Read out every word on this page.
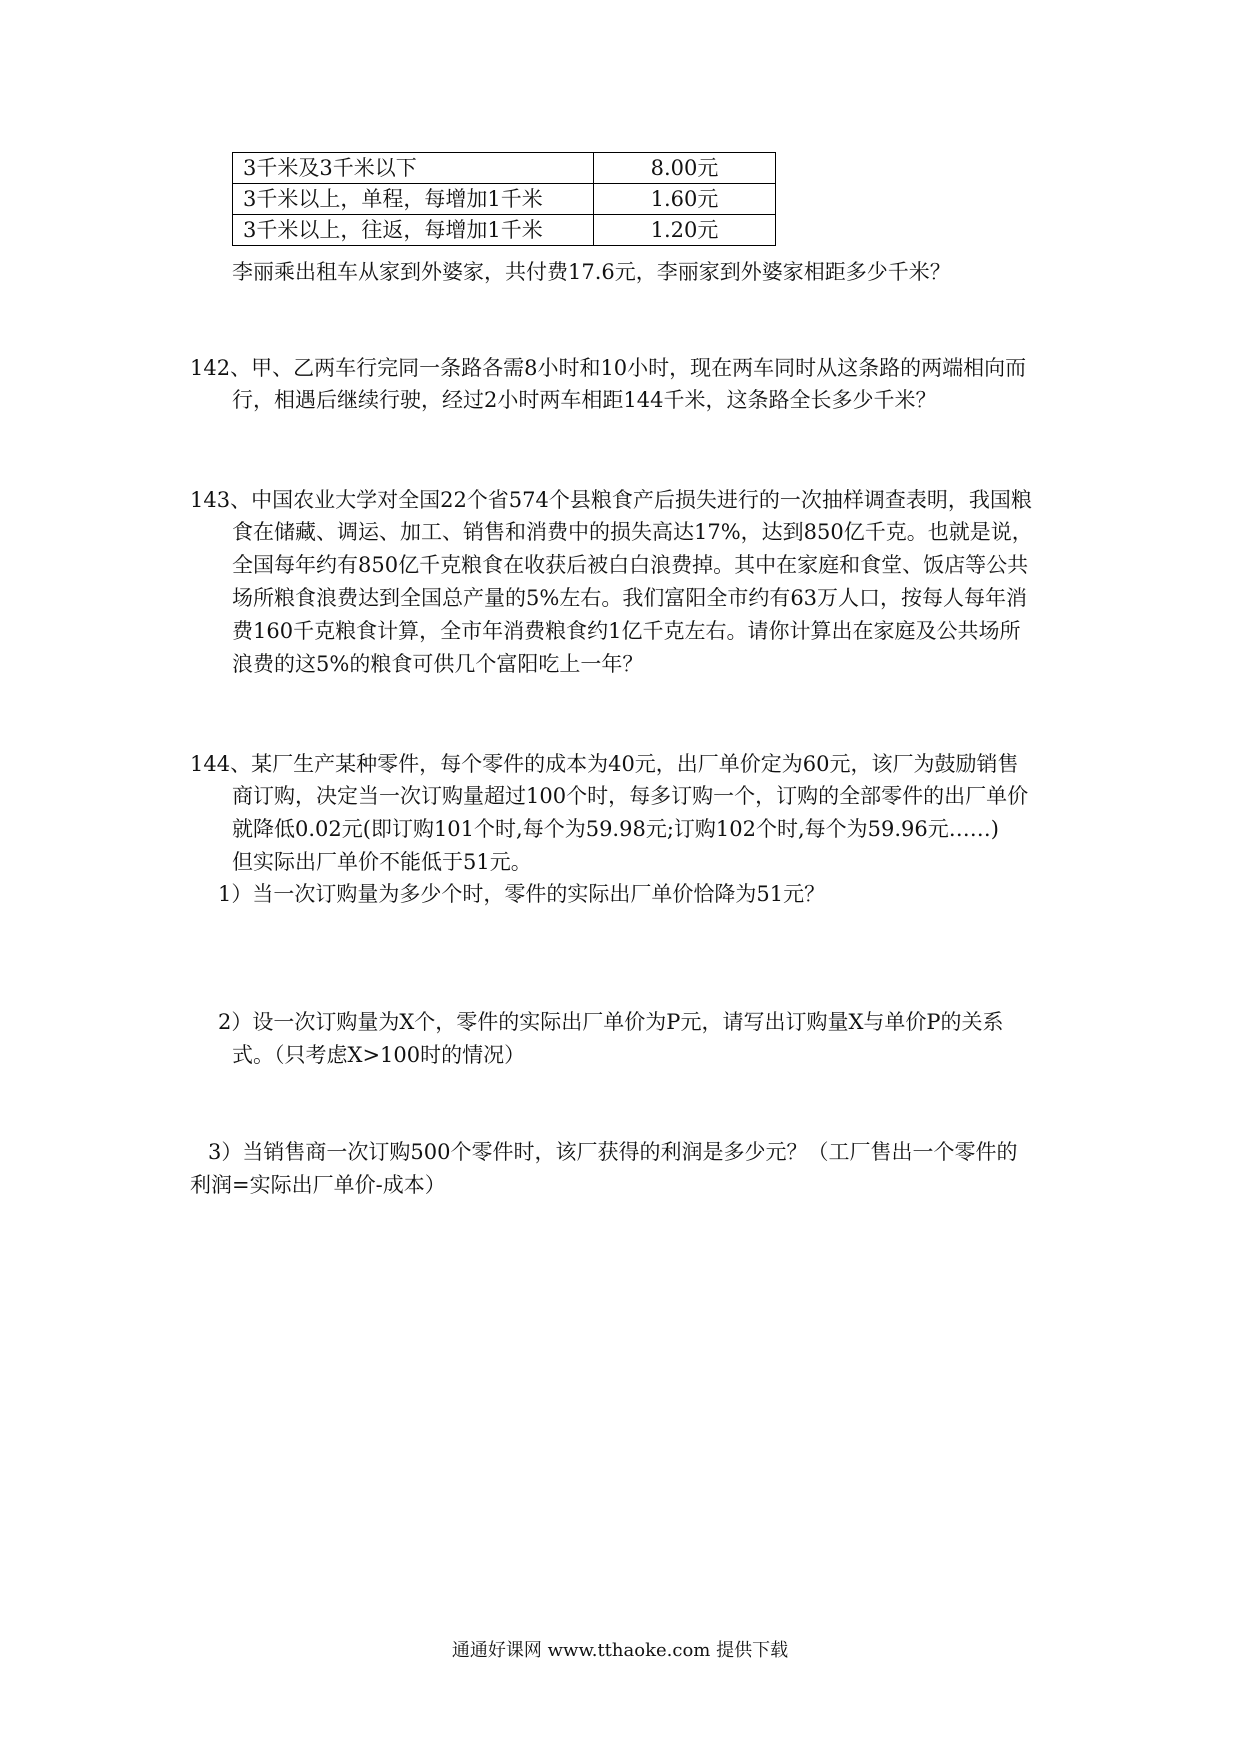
3千米及3千米以下	8.00元
3千米以上，单程，每增加1千米	1.60元
3千米以上，往返，每增加1千米	1.20元
李丽乘出租车从家到外婆家，共付费17.6元，李丽家到外婆家相距多少千米？
142、甲、乙两车行完同一条路各需8小时和10小时，现在两车同时从这条路的两端相向而
行，相遇后继续行驶，经过2小时两车相距144千米，这条路全长多少千米？
143、中国农业大学对全国22个省574个县粮食产后损失进行的一次抽样调查表明，我国粮
食在储藏、调运、加工、销售和消费中的损失高达17%，达到850亿千克。也就是说，
全国每年约有850亿千克粮食在收获后被白白浪费掉。其中在家庭和食堂、饭店等公共
场所粮食浪费达到全国总产量的5%左右。我们富阳全市约有63万人口，按每人每年消
费160千克粮食计算，全市年消费粮食约1亿千克左右。请你计算出在家庭及公共场所
浪费的这5%的粮食可供几个富阳吃上一年？
144、某厂生产某种零件，每个零件的成本为40元，出厂单价定为60元，该厂为鼓励销售
商订购，决定当一次订购量超过100个时，每多订购一个，订购的全部零件的出厂单价
就降低0.02元(即订购101个时,每个为59.98元;订购102个时,每个为59.96元……)
但实际出厂单价不能低于51元。
1）当一次订购量为多少个时，零件的实际出厂单价恰降为51元？
2）设一次订购量为X个，零件的实际出厂单价为P元，请写出订购量X与单价P的关系
式。（只考虑X>100时的情况）
3）当销售商一次订购500个零件时，该厂获得的利润是多少元？（工厂售出一个零件的
利润=实际出厂单价-成本）
通通好课网 www.tthaoke.com 提供下载
